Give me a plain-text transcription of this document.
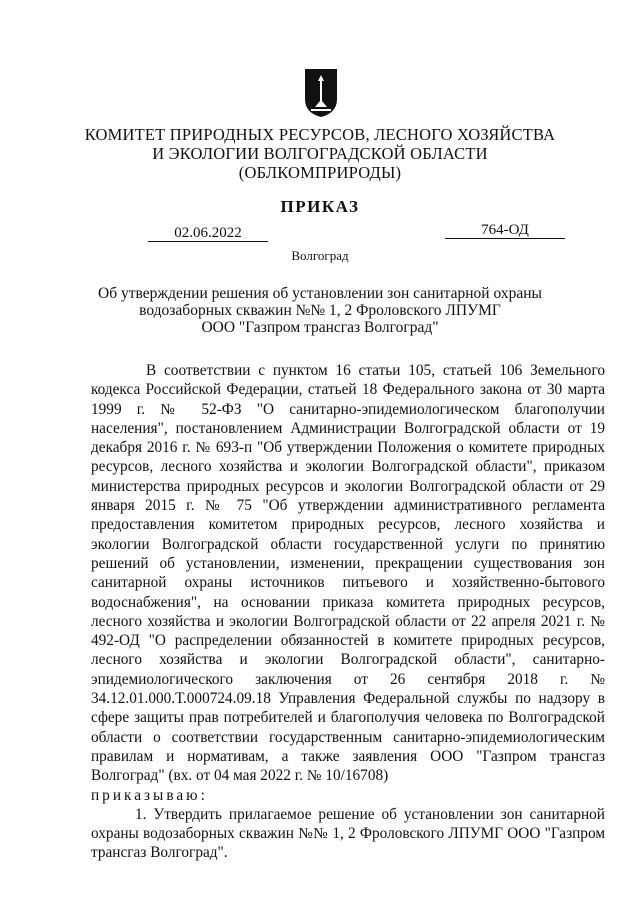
КОМИТЕТ ПРИРОДНЫХ РЕСУРСОВ, ЛЕСНОГО ХОЗЯЙСТВА
И ЭКОЛОГИИ ВОЛГОГРАДСКОЙ ОБЛАСТИ
(ОБЛКОМПРИРОДЫ)
ПРИКАЗ
02.06.2022	764-ОД
Волгоград
Об утверждении решения об установлении зон санитарной охраны
водозаборных скважин №№ 1, 2 Фроловского ЛПУМГ
ООО "Газпром трансгаз Волгоград"

В соответствии с пунктом 16 статьи 105, статьей 106 Земельного кодекса Российской Федерации, статьей 18 Федерального закона от 30 марта 1999 г. № 52-ФЗ "О санитарно-эпидемиологическом благополучии населения", постановлением Администрации Волгоградской области от 19 декабря 2016 г. № 693-п "Об утверждении Положения о комитете природных ресурсов, лесного хозяйства и экологии Волгоградской области", приказом министерства природных ресурсов и экологии Волгоградской области от 29 января 2015 г. № 75 "Об утверждении административного регламента предоставления комитетом природных ресурсов, лесного хозяйства и экологии Волгоградской области государственной услуги по принятию решений об установлении, изменении, прекращении существования зон санитарной охраны источников питьевого и хозяйственно-бытового водоснабжения", на основании приказа комитета природных ресурсов, лесного хозяйства и экологии Волгоградской области от 22 апреля 2021 г. № 492-ОД "О распределении обязанностей в комитете природных ресурсов, лесного хозяйства и экологии Волгоградской области", санитарно-эпидемиологического заключения от 26 сентября 2018 г. № 34.12.01.000.Т.000724.09.18 Управления Федеральной службы по надзору в сфере защиты прав потребителей и благополучия человека по Волгоградской области о соответствии государственным санитарно-эпидемиологическим правилам и нормативам, а также заявления ООО "Газпром трансгаз Волгоград" (вх. от 04 мая 2022 г. № 10/16708)

приказываю:

1. Утвердить прилагаемое решение об установлении зон санитарной охраны водозаборных скважин №№ 1, 2 Фроловского ЛПУМГ ООО "Газпром трансгаз Волгоград".
